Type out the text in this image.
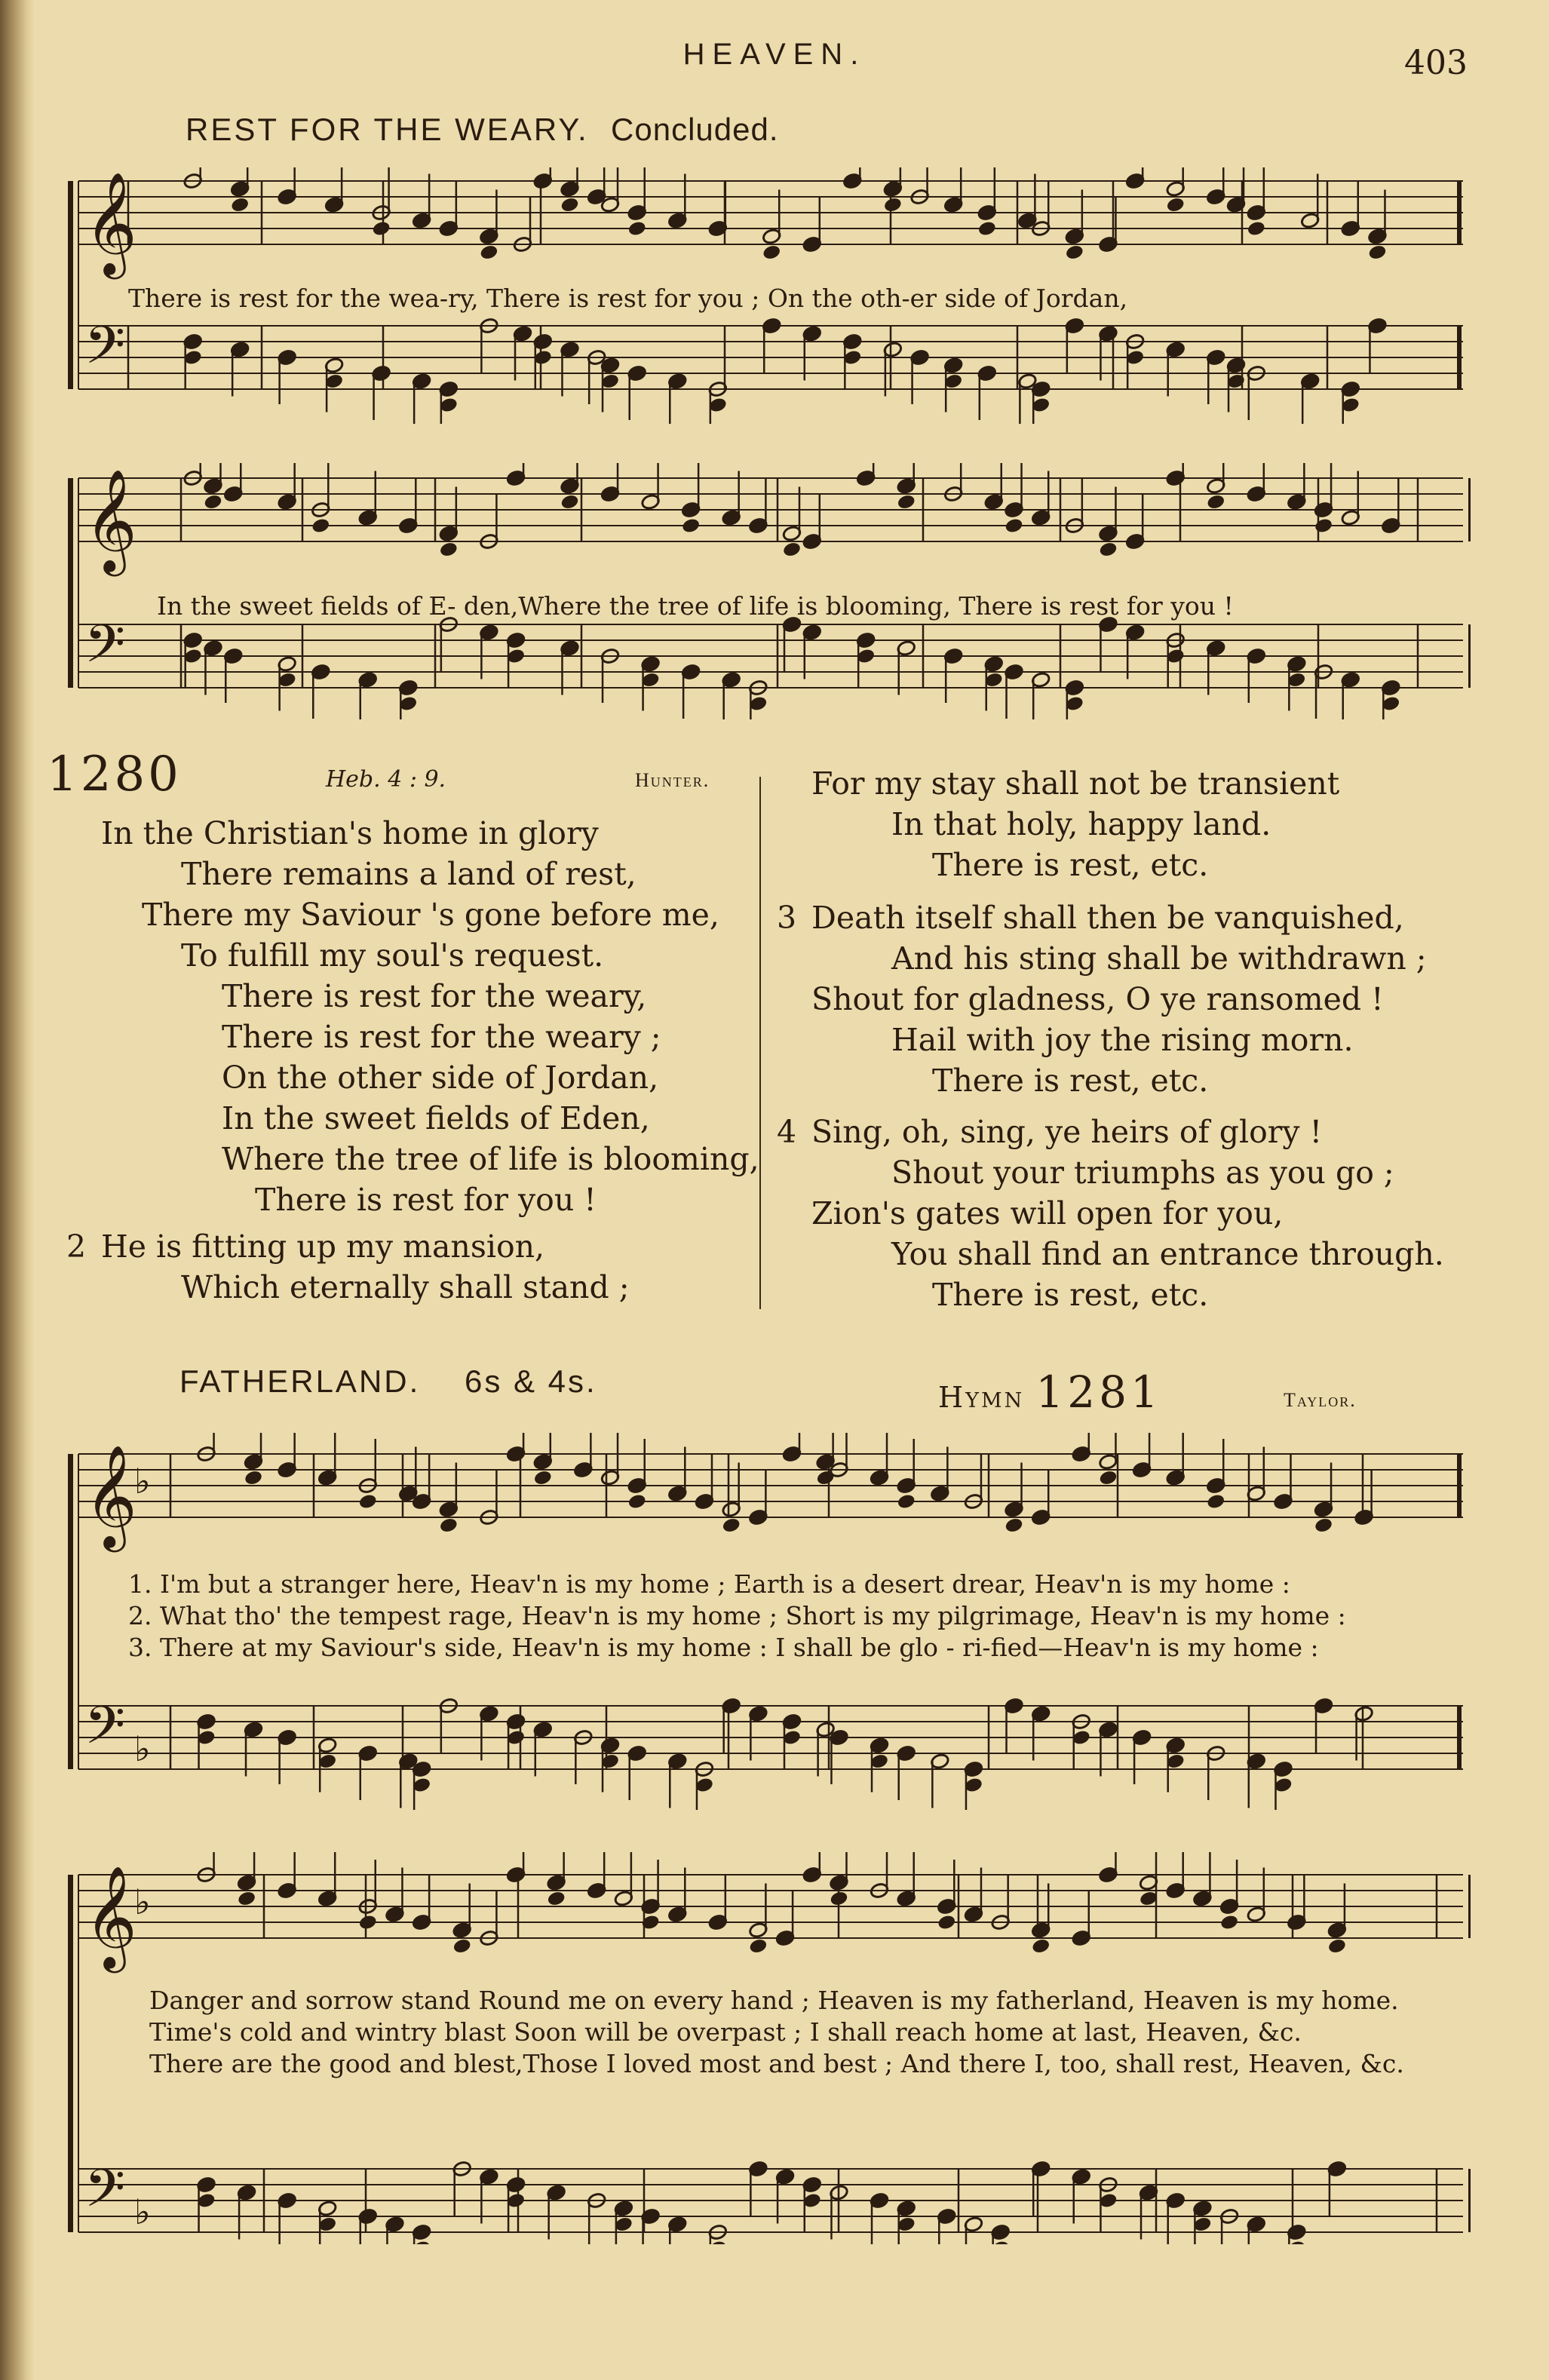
HEAVEN.	403
REST FOR THE WEARY. Concluded.
𝄞
𝄢
There is rest for the wea-ry, There is rest for you ; On the oth-er side of Jordan,
𝄞
𝄢
In the sweet fields of E- den,Where the tree of life is blooming, There is rest for you !
1280	Heb. 4 : 9.	Hunter.
In the Christian's home in glory
There remains a land of rest,
There my Saviour 's gone before me,
To fulfill my soul's request.
There is rest for the weary,
There is rest for the weary ;
On the other side of Jordan,
In the sweet fields of Eden,
Where the tree of life is blooming,
There is rest for you !
2 He is fitting up my mansion,
Which eternally shall stand ;
For my stay shall not be transient
In that holy, happy land.
There is rest, etc.
3 Death itself shall then be vanquished,
And his sting shall be withdrawn ;
Shout for gladness, O ye ransomed !
Hail with joy the rising morn.
There is rest, etc.
4 Sing, oh, sing, ye heirs of glory !
Shout your triumphs as you go ;
Zion's gates will open for you,
You shall find an entrance through.
There is rest, etc.
FATHERLAND. 6s & 4s.	Hymn 1281	Taylor.
𝄞
♭
𝄢 ♭
1. I'm but a stranger here, Heav'n is my home ; Earth is a desert drear, Heav'n is my home :
2. What tho' the tempest rage, Heav'n is my home ; Short is my pilgrimage, Heav'n is my home :
3. There at my Saviour's side, Heav'n is my home : I shall be glo - ri-fied—Heav'n is my home :
𝄞
♭
𝄢 ♭
Danger and sorrow stand Round me on every hand ; Heaven is my fatherland, Heaven is my home.
Time's cold and wintry blast Soon will be overpast ; I shall reach home at last, Heaven, &c.
There are the good and blest,Those I loved most and best ; And there I, too, shall rest, Heaven, &c.
